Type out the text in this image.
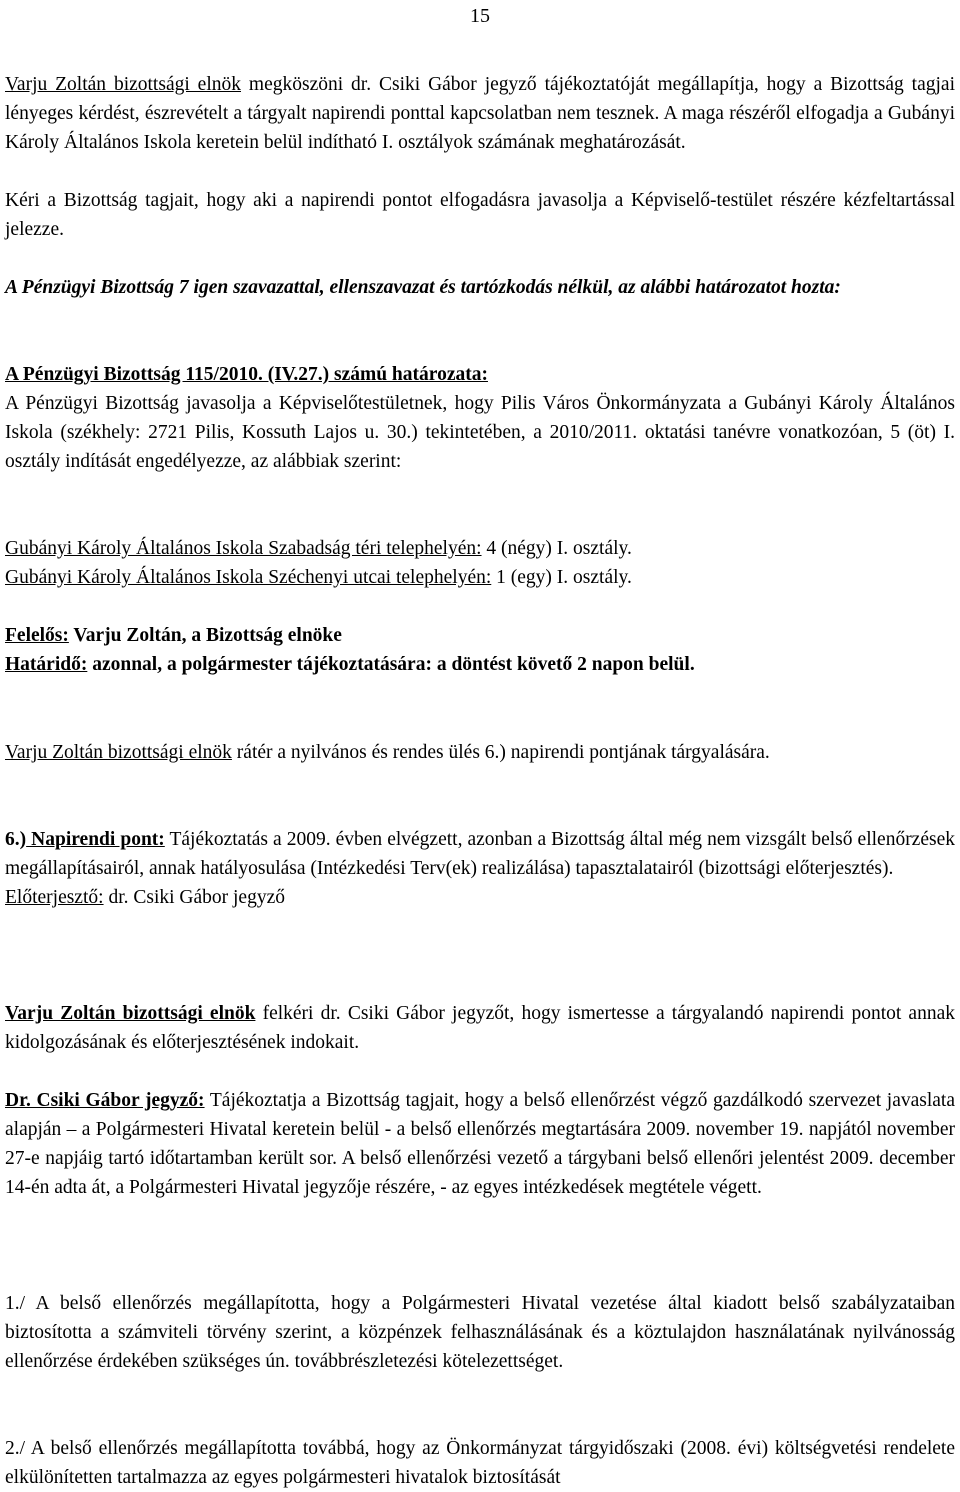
15

Varju Zoltán bizottsági elnök megköszöni dr. Csiki Gábor jegyző tájékoztatóját megállapítja, hogy a Bizottság tagjai lényeges kérdést, észrevételt a tárgyalt napirendi ponttal kapcsolatban nem tesznek. A maga részéről elfogadja a Gubányi Károly Általános Iskola keretein belül indítható I. osztályok számának meghatározását.

Kéri a Bizottság tagjait, hogy aki a napirendi pontot elfogadásra javasolja a Képviselő-testület részére kézfeltartással jelezze.

A Pénzügyi Bizottság 7 igen szavazattal, ellenszavazat és tartózkodás nélkül, az alábbi határozatot hozta:

A Pénzügyi Bizottság 115/2010. (IV.27.) számú határozata:

A Pénzügyi Bizottság javasolja a Képviselőtestületnek, hogy Pilis Város Önkormányzata a Gubányi Károly Általános Iskola (székhely: 2721 Pilis, Kossuth Lajos u. 30.) tekintetében, a 2010/2011. oktatási tanévre vonatkozóan, 5 (öt) I. osztály indítását engedélyezze, az alábbiak szerint:

Gubányi Károly Általános Iskola Szabadság téri telephelyén: 4 (négy) I. osztály.

Gubányi Károly Általános Iskola Széchenyi utcai telephelyén: 1 (egy) I. osztály.

Felelős: Varju Zoltán, a Bizottság elnöke

Határidő: azonnal, a polgármester tájékoztatására: a döntést követő 2 napon belül.

Varju Zoltán bizottsági elnök rátér a nyilvános és rendes ülés 6.) napirendi pontjának tárgyalására.

6.) Napirendi pont: Tájékoztatás a 2009. évben elvégzett, azonban a Bizottság által még nem vizsgált belső ellenőrzések megállapításairól, annak hatályosulása (Intézkedési Terv(ek) realizálása) tapasztalatairól (bizottsági előterjesztés).

Előterjesztő: dr. Csiki Gábor jegyző

Varju Zoltán bizottsági elnök felkéri dr. Csiki Gábor jegyzőt, hogy ismertesse a tárgyalandó napirendi pontot annak kidolgozásának és előterjesztésének indokait.

Dr. Csiki Gábor jegyző: Tájékoztatja a Bizottság tagjait, hogy a belső ellenőrzést végző gazdálkodó szervezet javaslata alapján – a Polgármesteri Hivatal keretein belül - a belső ellenőrzés megtartására 2009. november 19. napjától november 27-e napjáig tartó időtartamban került sor. A belső ellenőrzési vezető a tárgybani belső ellenőri jelentést 2009. december 14-én adta át, a Polgármesteri Hivatal jegyzője részére, - az egyes intézkedések megtétele végett.

1./ A belső ellenőrzés megállapította, hogy a Polgármesteri Hivatal vezetése által kiadott belső szabályzataiban biztosította a számviteli törvény szerint, a közpénzek felhasználásának és a köztulajdon használatának nyilvánosság ellenőrzése érdekében szükséges ún. továbbrészletezési kötelezettséget.

2./ A belső ellenőrzés megállapította továbbá, hogy az Önkormányzat tárgyidőszaki (2008. évi) költségvetési rendelete elkülönítetten tartalmazza az egyes polgármesteri hivatalok biztosítását
